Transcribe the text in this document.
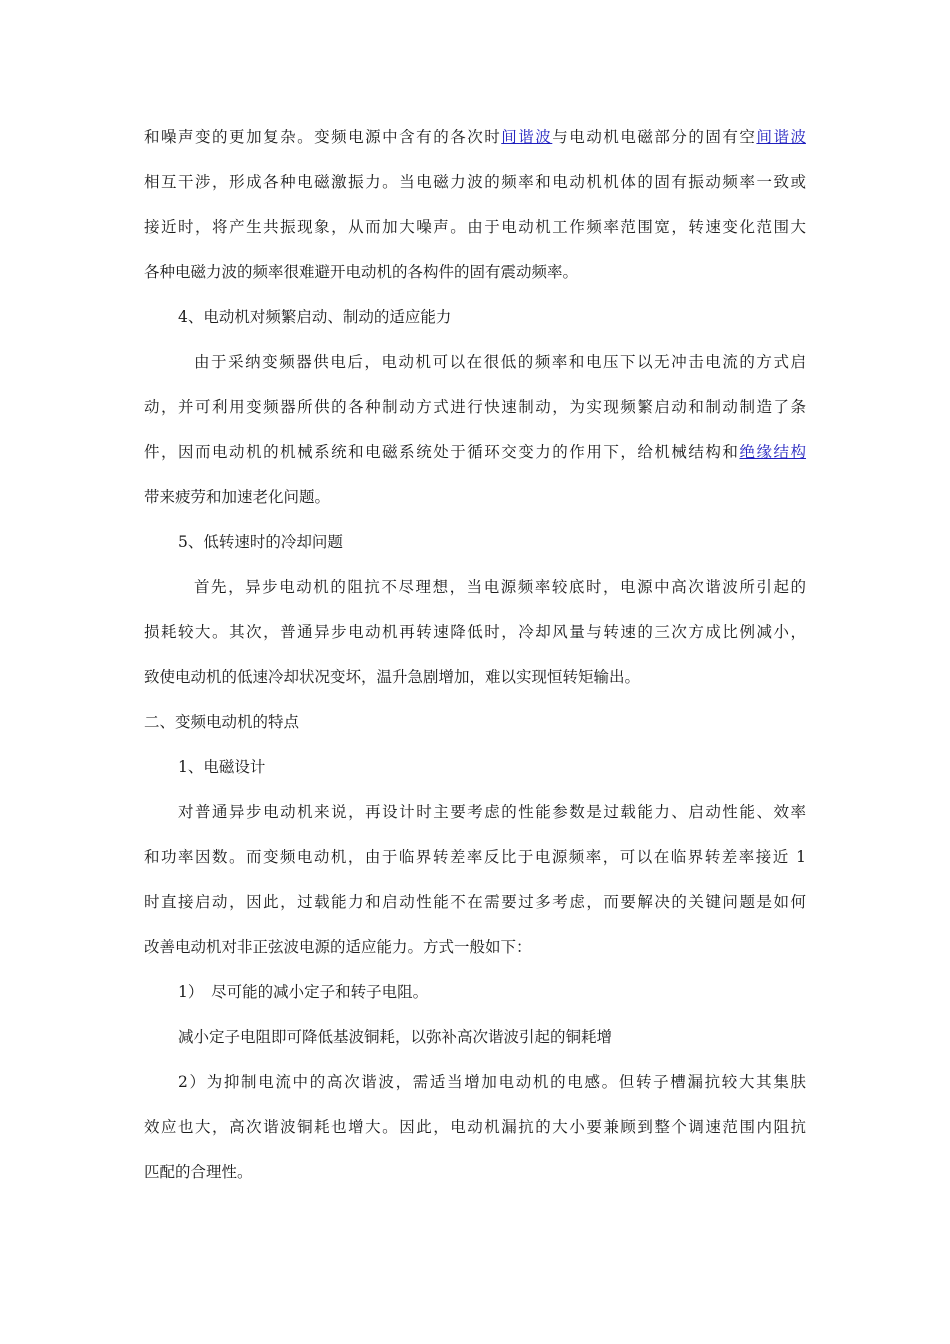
和噪声变的更加复杂。变频电源中含有的各次时间谐波与电动机电磁部分的固有空间谐波
相互干涉，形成各种电磁激振力。当电磁力波的频率和电动机机体的固有振动频率一致或
接近时，将产生共振现象，从而加大噪声。由于电动机工作频率范围宽，转速变化范围大
各种电磁力波的频率很难避开电动机的各构件的固有震动频率。
4、电动机对频繁启动、制动的适应能力
由于采纳变频器供电后，电动机可以在很低的频率和电压下以无冲击电流的方式启
动，并可利用变频器所供的各种制动方式进行快速制动，为实现频繁启动和制动制造了条
件，因而电动机的机械系统和电磁系统处于循环交变力的作用下，给机械结构和绝缘结构
带来疲劳和加速老化问题。
5、低转速时的冷却问题
首先，异步电动机的阻抗不尽理想，当电源频率较底时，电源中高次谐波所引起的
损耗较大。其次，普通异步电动机再转速降低时，冷却风量与转速的三次方成比例减小，
致使电动机的低速冷却状况变坏，温升急剧增加，难以实现恒转矩输出。
二、变频电动机的特点
1、电磁设计
对普通异步电动机来说，再设计时主要考虑的性能参数是过载能力、启动性能、效率
和功率因数。而变频电动机，由于临界转差率反比于电源频率，可以在临界转差率接近 1
时直接启动，因此，过载能力和启动性能不在需要过多考虑，而要解决的关键问题是如何
改善电动机对非正弦波电源的适应能力。方式一般如下：
1）　尽可能的减小定子和转子电阻。
减小定子电阻即可降低基波铜耗，以弥补高次谐波引起的铜耗增
2）为抑制电流中的高次谐波，需适当增加电动机的电感。但转子槽漏抗较大其集肤
效应也大，高次谐波铜耗也增大。因此，电动机漏抗的大小要兼顾到整个调速范围内阻抗
匹配的合理性。
